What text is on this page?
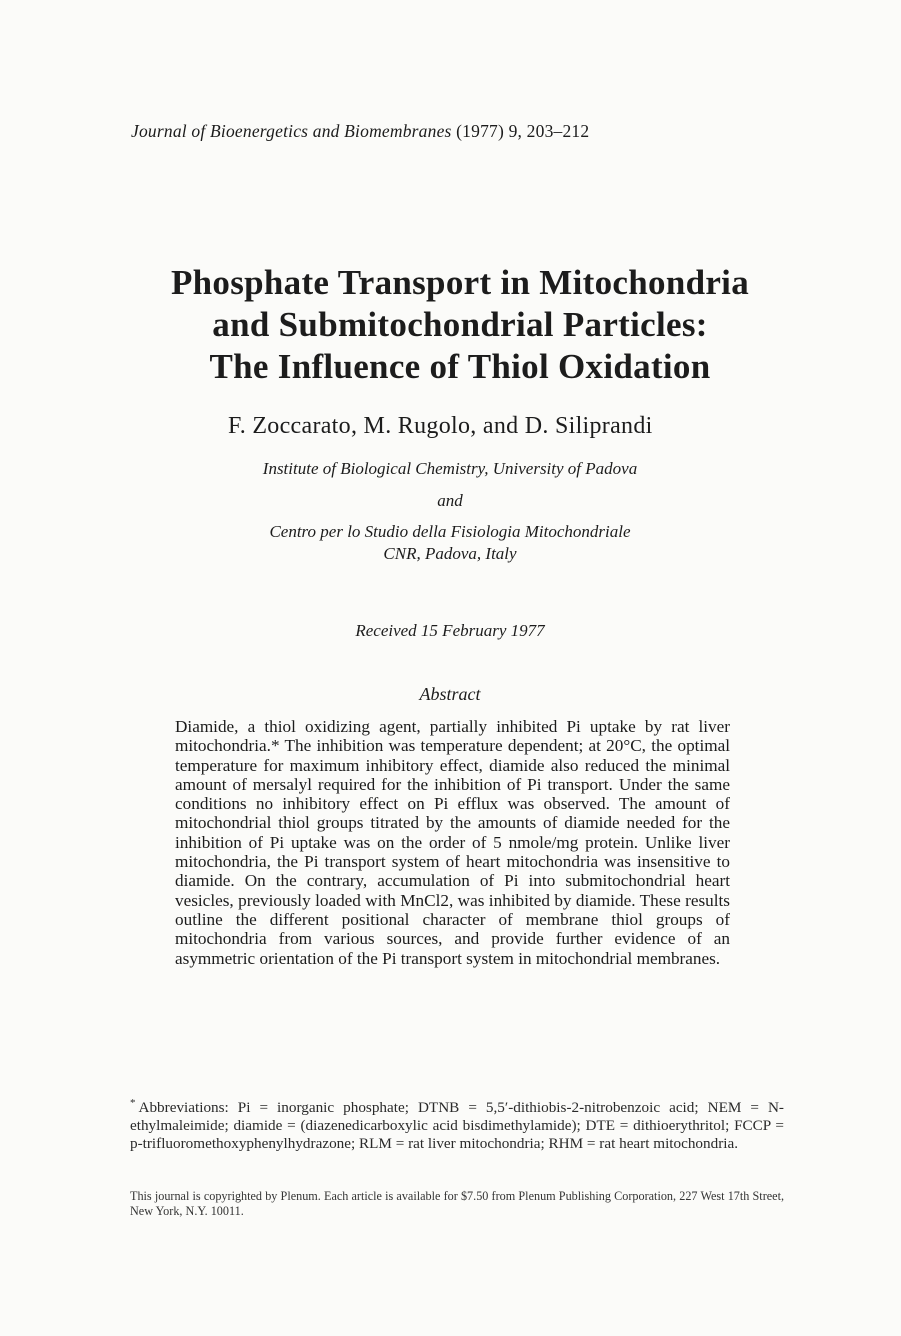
Journal of Bioenergetics and Biomembranes (1977) 9, 203–212
Phosphate Transport in Mitochondria
and Submitochondrial Particles:
The Influence of Thiol Oxidation
F. Zoccarato, M. Rugolo, and D. Siliprandi
Institute of Biological Chemistry, University of Padova
and
Centro per lo Studio della Fisiologia Mitochondriale
CNR, Padova, Italy
Received 15 February 1977
Abstract
Diamide, a thiol oxidizing agent, partially inhibited Pi uptake by rat liver mitochondria.* The inhibition was temperature dependent; at 20°C, the optimal temperature for maximum inhibitory effect, diamide also reduced the minimal amount of mersalyl required for the inhibition of Pi transport. Under the same conditions no inhibitory effect on Pi efflux was observed. The amount of mitochondrial thiol groups titrated by the amounts of diamide needed for the inhibition of Pi uptake was on the order of 5 nmole/mg protein. Unlike liver mitochondria, the Pi transport system of heart mitochondria was insensitive to diamide. On the contrary, accumulation of Pi into submitochondrial heart vesicles, previously loaded with MnCl2, was inhibited by diamide. These results outline the different positional character of membrane thiol groups of mitochondria from various sources, and provide further evidence of an asymmetric orientation of the Pi transport system in mitochondrial membranes.
* Abbreviations: Pi = inorganic phosphate; DTNB = 5,5′-dithiobis-2-nitrobenzoic acid; NEM = N-ethylmaleimide; diamide = (diazenedicarboxylic acid bisdimethylamide); DTE = dithioerythritol; FCCP = p-trifluoromethoxyphenylhydrazone; RLM = rat liver mitochondria; RHM = rat heart mitochondria.
This journal is copyrighted by Plenum. Each article is available for $7.50 from Plenum Publishing Corporation, 227 West 17th Street, New York, N.Y. 10011.
